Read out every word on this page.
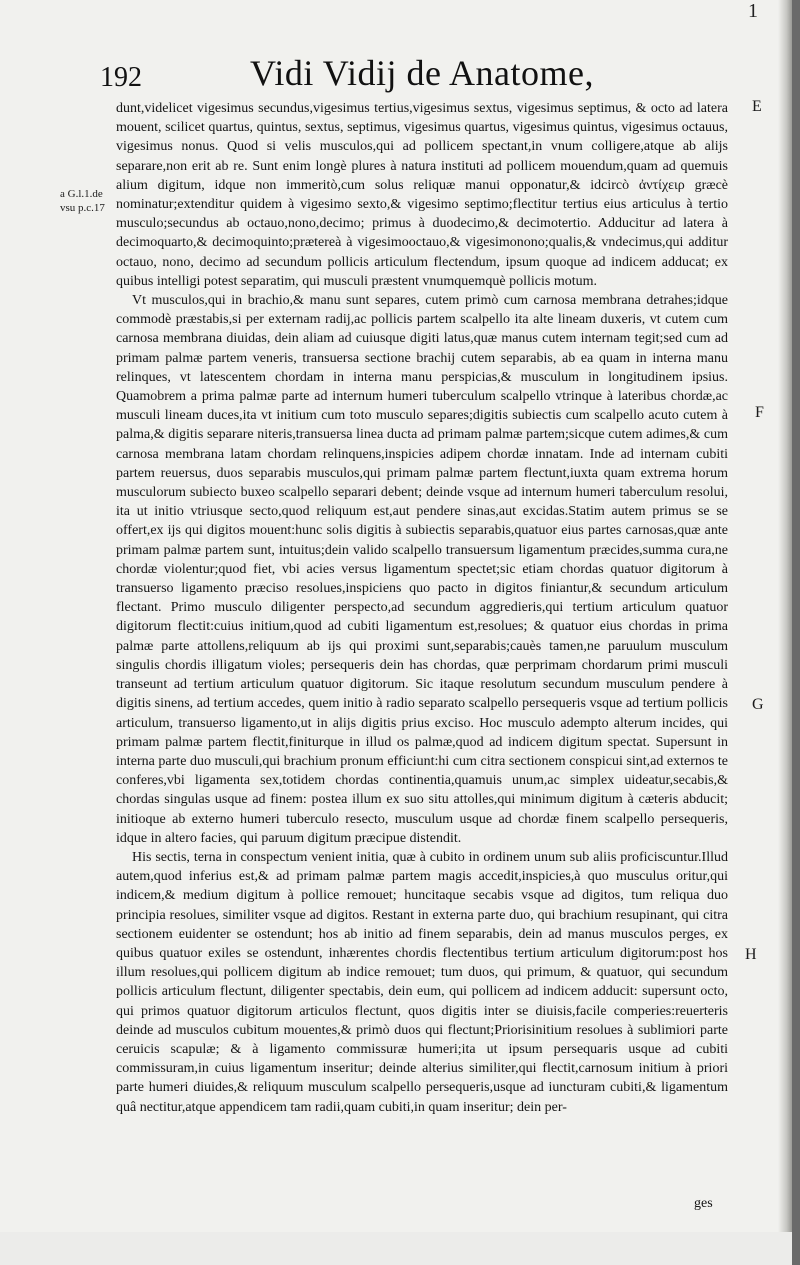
192	Vidi Vidij de Anatome,
1
a G.l.1.de vsu p.c.17
E
F
G
H

dunt,videlicet vigesimus secundus,vigesimus tertius,vigesimus sextus, vigesimus septimus, & octo ad latera mouent, scilicet quartus, quintus, sextus, septimus, vigesimus quartus, vigesimus quintus, vigesimus octauus, vigesimus nonus. Quod si velis musculos,qui ad pollicem spectant,in vnum colligere,atque ab alijs separare,non erit ab re. Sunt enim longè plures à natura instituti ad pollicem mouendum,quam ad quemuis alium digitum, idque non immeritò,cum solus reliquæ manui opponatur,& idcircò ἀντίχειρ græcè nominatur;extenditur quidem à vigesimo sexto,& vigesimo septimo;flectitur tertius eius articulus à tertio musculo;secundus ab octauo,nono,decimo; primus à duodecimo,& decimotertio. Adducitur ad latera à decimoquarto,& decimoquinto;prætereà à vigesimooctauo,& vigesimonono;qualis,& vndecimus,qui additur octauo, nono, decimo ad secundum pollicis articulum flectendum, ipsum quoque ad indicem adducat; ex quibus intelligi potest separatim, qui musculi præstent vnumquemquè pollicis motum.

Vt musculos,qui in brachio,& manu sunt separes, cutem primò cum carnosa membrana detrahes;idque commodè præstabis,si per externam radij,ac pollicis partem scalpello ita alte lineam duxeris, vt cutem cum carnosa membrana diuidas, dein aliam ad cuiusque digiti latus,quæ manus cutem internam tegit;sed cum ad primam palmæ partem veneris, transuersa sectione brachij cutem separabis, ab ea quam in interna manu relinques, vt latescentem chordam in interna manu perspicias,& musculum in longitudinem ipsius. Quamobrem a prima palmæ parte ad internum humeri tuberculum scalpello vtrinque à lateribus chordæ,ac musculi lineam duces,ita vt initium cum toto musculo separes;digitis subiectis cum scalpello acuto cutem à palma,& digitis separare niteris,transuersa linea ducta ad primam palmæ partem;sicque cutem adimes,& cum carnosa membrana latam chordam relinquens,inspicies adipem chordæ innatam. Inde ad internam cubiti partem reuersus, duos separabis musculos,qui primam palmæ partem flectunt,iuxta quam extrema horum musculorum subiecto buxeo scalpello separari debent; deinde vsque ad internum humeri taberculum resolui, ita ut initio vtriusque secto,quod reliquum est,aut pendere sinas,aut excidas.Statim autem primus se se offert,ex ijs qui digitos mouent:hunc solis digitis à subiectis separabis,quatuor eius partes carnosas,quæ ante primam palmæ partem sunt, intuitus;dein valido scalpello transuersum ligamentum præcides,summa cura,ne chordæ violentur;quod fiet, vbi acies versus ligamentum spectet;sic etiam chordas quatuor digitorum à transuerso ligamento præciso resolues,inspiciens quo pacto in digitos finiantur,& secundum articulum flectant. Primo musculo diligenter perspecto,ad secundum aggredieris,qui tertium articulum quatuor digitorum flectit:cuius initium,quod ad cubiti ligamentum est,resolues; & quatuor eius chordas in prima palmæ parte attollens,reliquum ab ijs qui proximi sunt,separabis;cauès tamen,ne paruulum musculum singulis chordis illigatum violes; persequeris dein has chordas, quæ perprimam chordarum primi musculi transeunt ad tertium articulum quatuor digitorum. Sic itaque resolutum secundum musculum pendere à digitis sinens, ad tertium accedes, quem initio à radio separato scalpello persequeris vsque ad tertium pollicis articulum, transuerso ligamento,ut in alijs digitis prius exciso. Hoc musculo adempto alterum incides, qui primam palmæ partem flectit,finiturque in illud os palmæ,quod ad indicem digitum spectat. Supersunt in interna parte duo musculi,qui brachium pronum efficiunt:hi cum citra sectionem conspicui sint,ad externos te conferes,vbi ligamenta sex,totidem chordas continentia,quamuis unum,ac simplex uideatur,secabis,& chordas singulas usque ad finem: postea illum ex suo situ attolles,qui minimum digitum à cæteris abducit; initioque ab externo humeri tuberculo resecto, musculum usque ad chordæ finem scalpello persequeris, idque in altero facies, qui paruum digitum præcipue distendit.

His sectis, terna in conspectum venient initia, quæ à cubito in ordinem unum sub aliis proficiscuntur.Illud autem,quod inferius est,& ad primam palmæ partem magis accedit,inspicies,à quo musculus oritur,qui indicem,& medium digitum à pollice remouet; huncitaque secabis vsque ad digitos, tum reliqua duo principia resolues, similiter vsque ad digitos. Restant in externa parte duo, qui brachium resupinant, qui citra sectionem euidenter se ostendunt; hos ab initio ad finem separabis, dein ad manus musculos perges, ex quibus quatuor exiles se ostendunt, inhærentes chordis flectentibus tertium articulum digitorum:post hos illum resolues,qui pollicem digitum ab indice remouet; tum duos, qui primum, & quatuor, qui secundum pollicis articulum flectunt, diligenter spectabis, dein eum, qui pollicem ad indicem adducit: supersunt octo, qui primos quatuor digitorum articulos flectunt, quos digitis inter se diuisis,facile comperies:reuerteris deinde ad musculos cubitum mouentes,& primò duos qui flectunt;Priorisinitium resolues à sublimiori parte ceruicis scapulæ; & à ligamento commissuræ humeri;ita ut ipsum persequaris usque ad cubiti commissuram,in cuius ligamentum inseritur; deinde alterius similiter,qui flectit,carnosum initium à priori parte humeri diuides,& reliquum musculum scalpello persequeris,usque ad iuncturam cubiti,& ligamentum quâ nectitur,atque appendicem tam radii,quam cubiti,in quam inseritur; dein per-

ges
